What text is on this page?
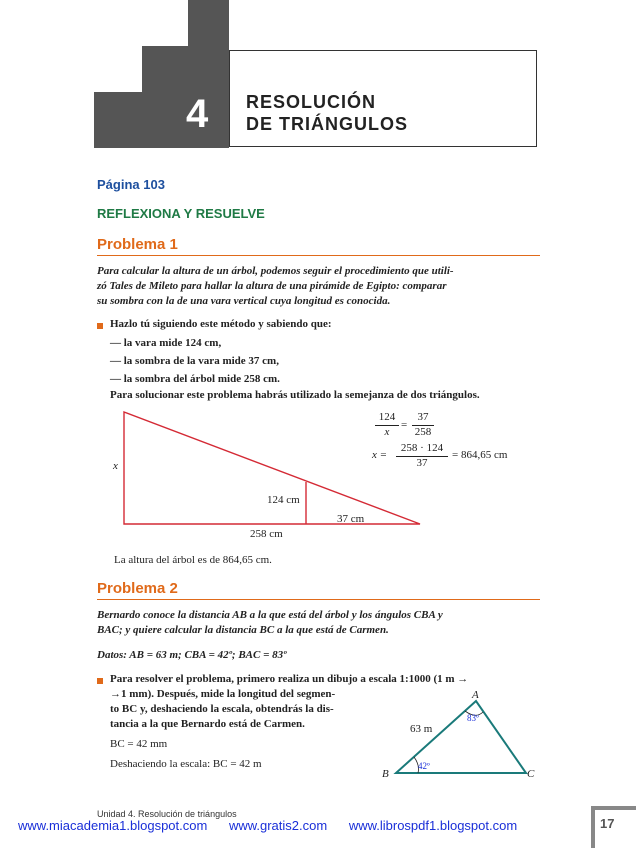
4 RESOLUCIÓN
DE TRIÁNGULOS
Página 103
REFLEXIONA Y RESUELVE
Problema 1
Para calcular la altura de un árbol, podemos seguir el procedimiento que utili-
zó Tales de Mileto para hallar la altura de una pirámide de Egipto: comparar
su sombra con la de una vara vertical cuya longitud es conocida.
Hazlo tú siguiendo este método y sabiendo que:
— la vara mide 124 cm,
— la sombra de la vara mide 37 cm,
— la sombra del árbol mide 258 cm.
Para solucionar este problema habrás utilizado la semejanza de dos triángulos.
x
124 cm
37 cm
258 cm
124
x
=
37
258
x =
258 · 124
37
= 864,65 cm
La altura del árbol es de 864,65 cm.
Problema 2
Bernardo conoce la distancia AB a la que está del árbol y los ángulos CBA y
BAC; y quiere calcular la distancia BC a la que está de Carmen.
Datos: AB = 63 m; CBA = 42º; BAC = 83º
Para resolver el problema, primero realiza un dibujo a escala 1:1000 (1 m →
→1 mm). Después, mide la longitud del segmen-
to BC y, deshaciendo la escala, obtendrás la dis-
tancia a la que Bernardo está de Carmen.
BC = 42 mm
Deshaciendo la escala: BC = 42 m
A
B	C
63 m
83º
42º
Unidad 4. Resolución de triángulos
17
www.miacademia1.blogspot.com www.gratis2.com www.librospdf1.blogspot.com
